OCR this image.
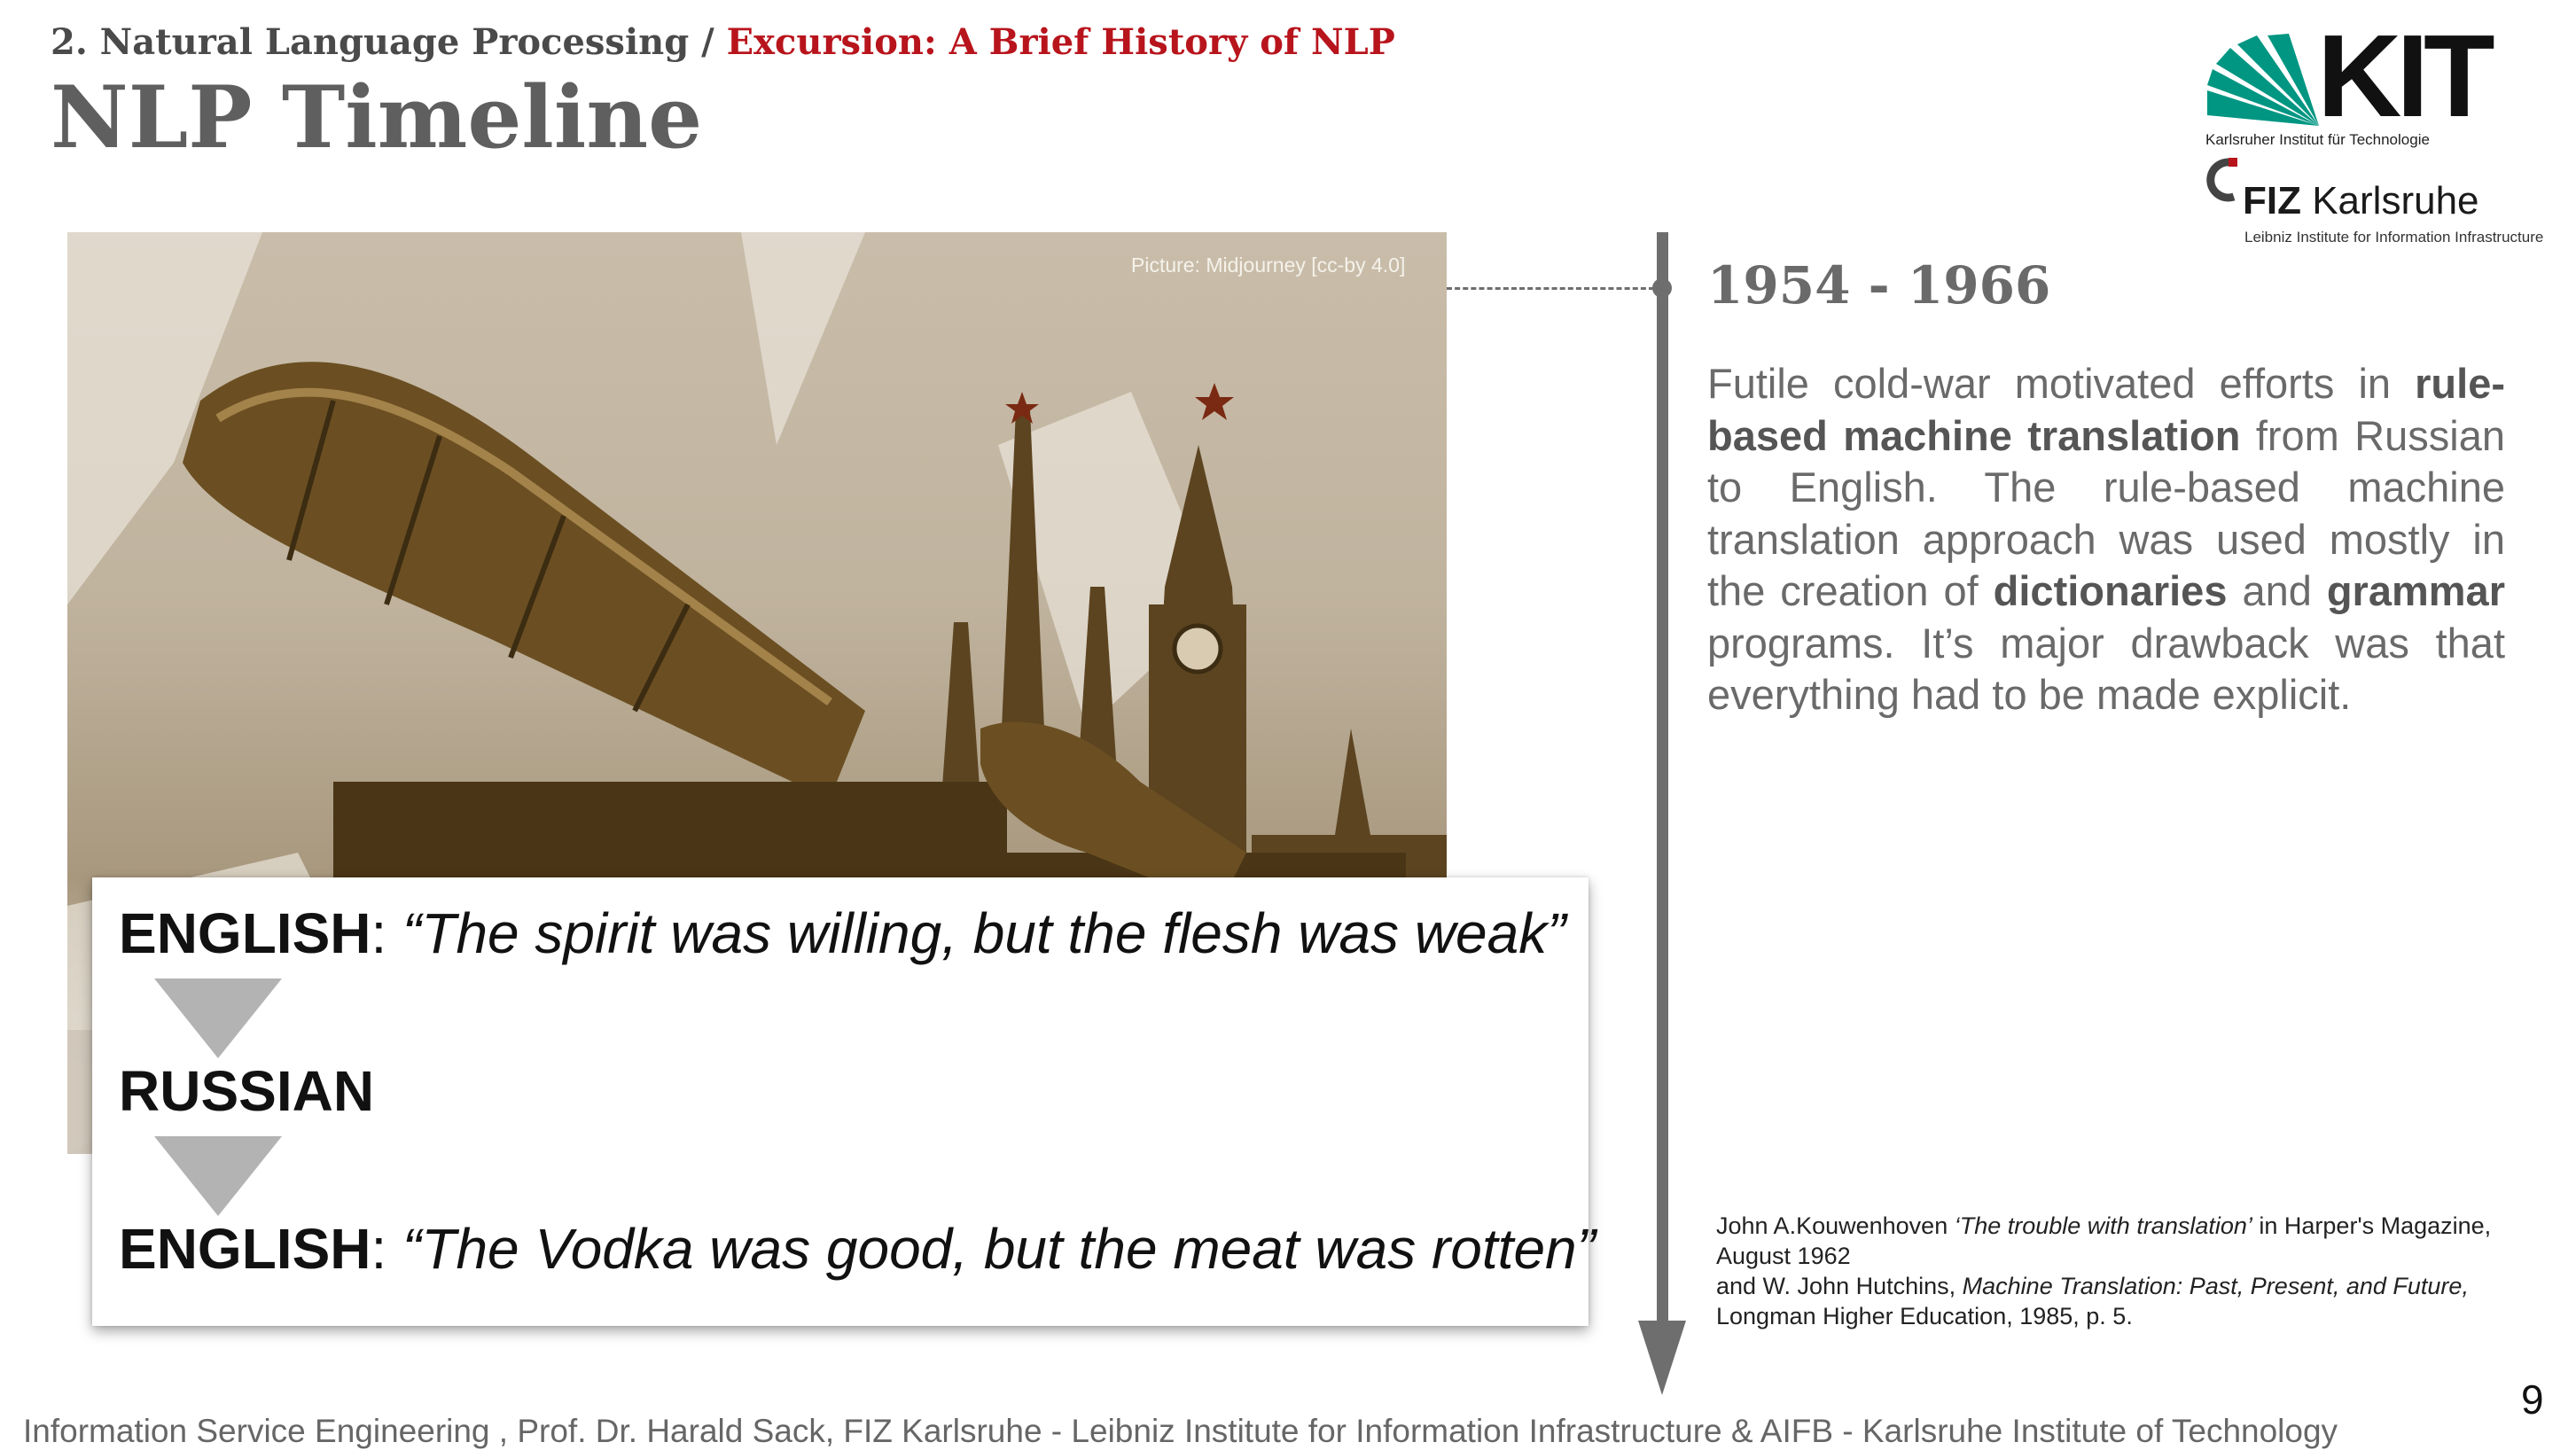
2. Natural Language Processing / Excursion: A Brief History of NLP
NLP Timeline	KIT
Karlsruher Institut für Technologie
FIZ Karlsruhe
Leibniz Institute for Information Infrastructure
Picture: Midjourney [cc-by 4.0]
ENGLISH: “The spirit was willing, but the flesh was weak”
RUSSIAN
ENGLISH: “The Vodka was good, but the meat was rotten”
1954 - 1966

Futile cold-war motivated efforts in rule-based machine translation from Russian to English. The rule-based machine translation approach was used mostly in the creation of dictionaries and grammar programs. It’s major drawback was that everything had to be made explicit.

John A.Kouwenhoven ‘The trouble with translation’ in Harper's Magazine, August 1962
and W. John Hutchins, Machine Translation: Past, Present, and Future, Longman Higher Education, 1985, p. 5.

Information Service Engineering , Prof. Dr. Harald Sack, FIZ Karlsruhe - Leibniz Institute for Information Infrastructure & AIFB - Karlsruhe Institute of Technology
9
